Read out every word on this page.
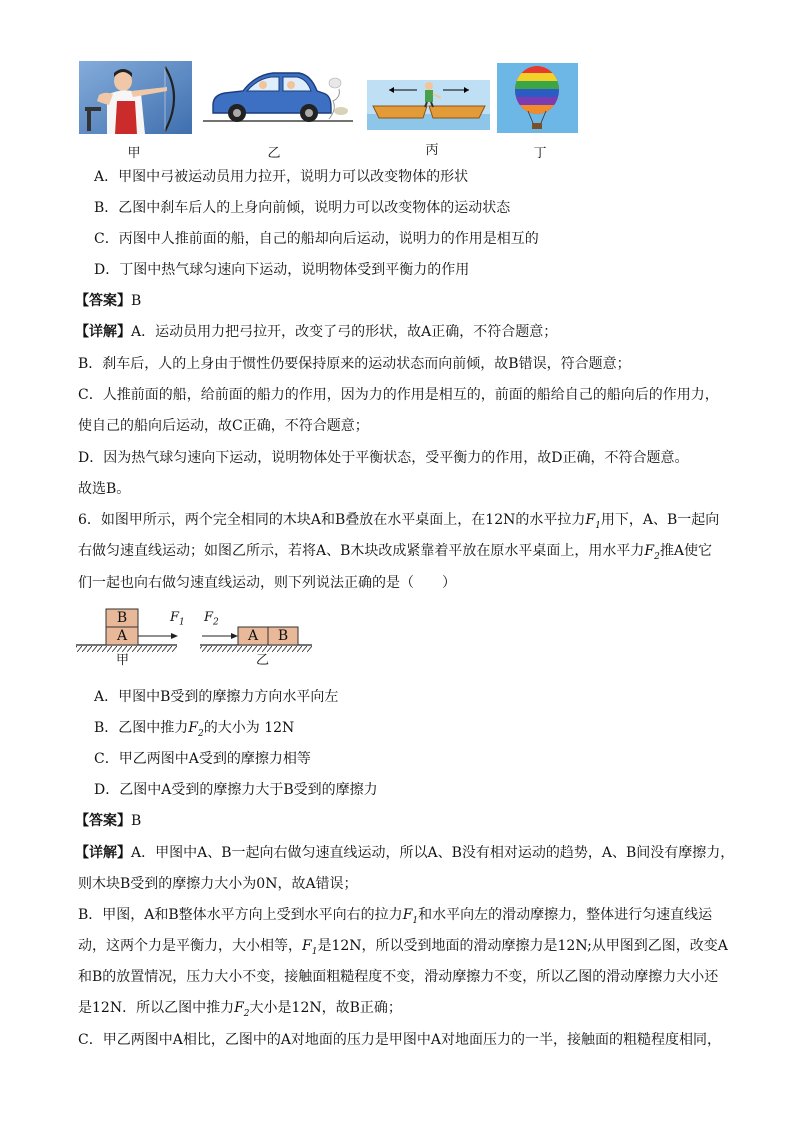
甲	乙	丙	丁
A．甲图中弓被运动员用力拉开，说明力可以改变物体的形状
B．乙图中刹车后人的上身向前倾，说明力可以改变物体的运动状态
C．丙图中人推前面的船，自己的船却向后运动，说明力的作用是相互的
D．丁图中热气球匀速向下运动，说明物体受到平衡力的作用
【答案】B
【详解】A．运动员用力把弓拉开，改变了弓的形状，故A正确，不符合题意；
B．刹车后，人的上身由于惯性仍要保持原来的运动状态而向前倾，故B错误，符合题意；
C．人推前面的船，给前面的船力的作用，因为力的作用是相互的，前面的船给自己的船向后的作用力，
使自己的船向后运动，故C正确，不符合题意；
D．因为热气球匀速向下运动，说明物体处于平衡状态，受平衡力的作用，故D正确，不符合题意。
故选B。
6．如图甲所示，两个完全相同的木块A和B叠放在水平桌面上，在12N的水平拉力$F_1$用下，A、B一起向
右做匀速直线运动；如图乙所示，若将A、B木块改成紧靠着平放在原水平桌面上，用水平力$F_2$推A使它
们一起也向右做匀速直线运动，则下列说法正确的是（　　）
B
A
$F_1$ $F_2$
A	B
甲	乙
A．甲图中B受到的摩擦力方向水平向左
B．乙图中推力$F_2$的大小为 12N
C．甲乙两图中A受到的摩擦力相等
D．乙图中A受到的摩擦力大于B受到的摩擦力
【答案】B
【详解】A．甲图中A、B一起向右做匀速直线运动，所以A、B没有相对运动的趋势，A、B间没有摩擦力，
则木块B受到的摩擦力大小为0N，故A错误；
B．甲图，A和B整体水平方向上受到水平向右的拉力$F_1$和水平向左的滑动摩擦力，整体进行匀速直线运
动，这两个力是平衡力，大小相等，$F_1$是12N，所以受到地面的滑动摩擦力是12N;从甲图到乙图，改变A
和B的放置情况，压力大小不变，接触面粗糙程度不变，滑动摩擦力不变，所以乙图的滑动摩擦力大小还
是12N．所以乙图中推力$F_2$大小是12N，故B正确；
C．甲乙两图中A相比，乙图中的A对地面的压力是甲图中A对地面压力的一半，接触面的粗糙程度相同，
